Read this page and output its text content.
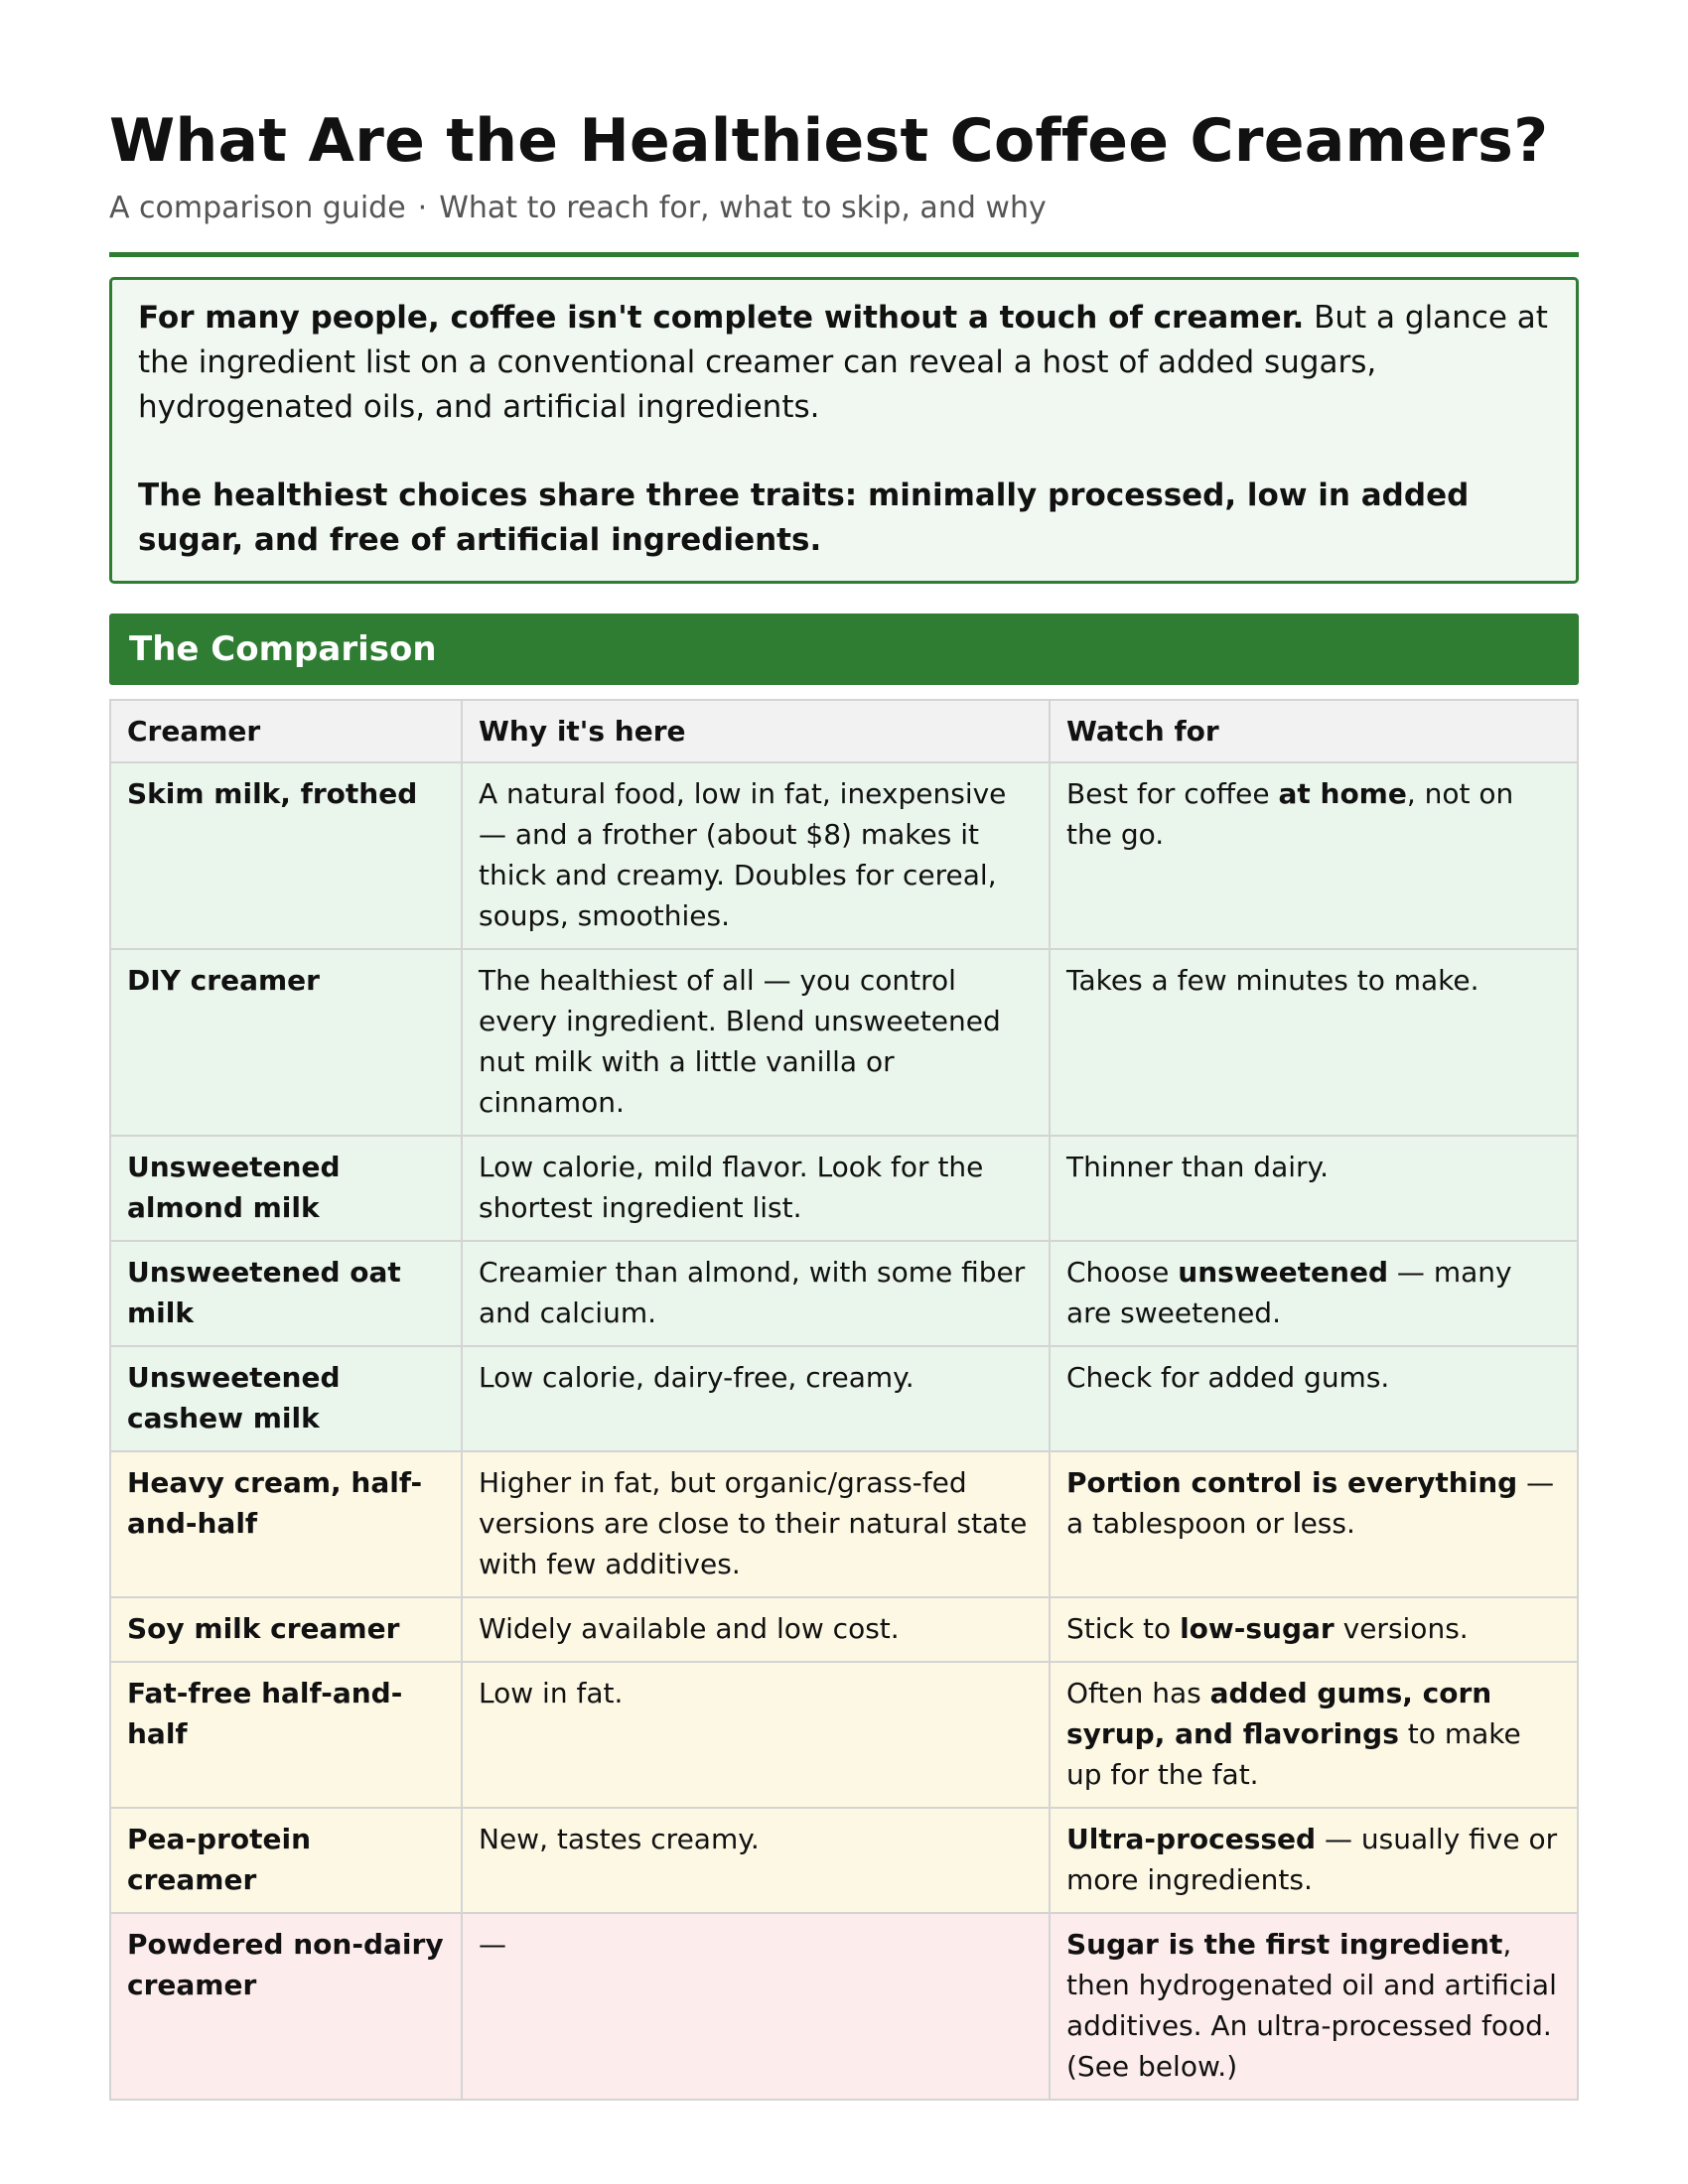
What Are the Healthiest Coffee Creamers?
A comparison guide · What to reach for, what to skip, and why

For many people, coffee isn't complete without a touch of creamer. But a glance at the ingredient list on a conventional creamer can reveal a host of added sugars, hydrogenated oils, and artificial ingredients.

The healthiest choices share three traits: minimally processed, low in added sugar, and free of artificial ingredients.

The Comparison
Creamer	Why it's here	Watch for
Skim milk, frothed	A natural food, low in fat, inexpensive — and a frother (about $8) makes it thick and creamy. Doubles for cereal, soups, smoothies.	Best for coffee at home, not on the go.
DIY creamer	The healthiest of all — you control every ingredient. Blend unsweetened nut milk with a little vanilla or cinnamon.	Takes a few minutes to make.
Unsweetened almond milk	Low calorie, mild flavor. Look for the shortest ingredient list.	Thinner than dairy.
Unsweetened oat milk	Creamier than almond, with some fiber and calcium.	Choose unsweetened — many are sweetened.
Unsweetened cashew milk	Low calorie, dairy-free, creamy.	Check for added gums.
Heavy cream, half-and-half	Higher in fat, but organic/grass-fed versions are close to their natural state with few additives.	Portion control is everything — a tablespoon or less.
Soy milk creamer	Widely available and low cost.	Stick to low-sugar versions.
Fat-free half-and-half	Low in fat.	Often has added gums, corn syrup, and flavorings to make up for the fat.
Pea-protein creamer	New, tastes creamy.	Ultra-processed — usually five or more ingredients.
Powdered non-dairy creamer	—	Sugar is the first ingredient, then hydrogenated oil and artificial additives. An ultra-processed food. (See below.)
